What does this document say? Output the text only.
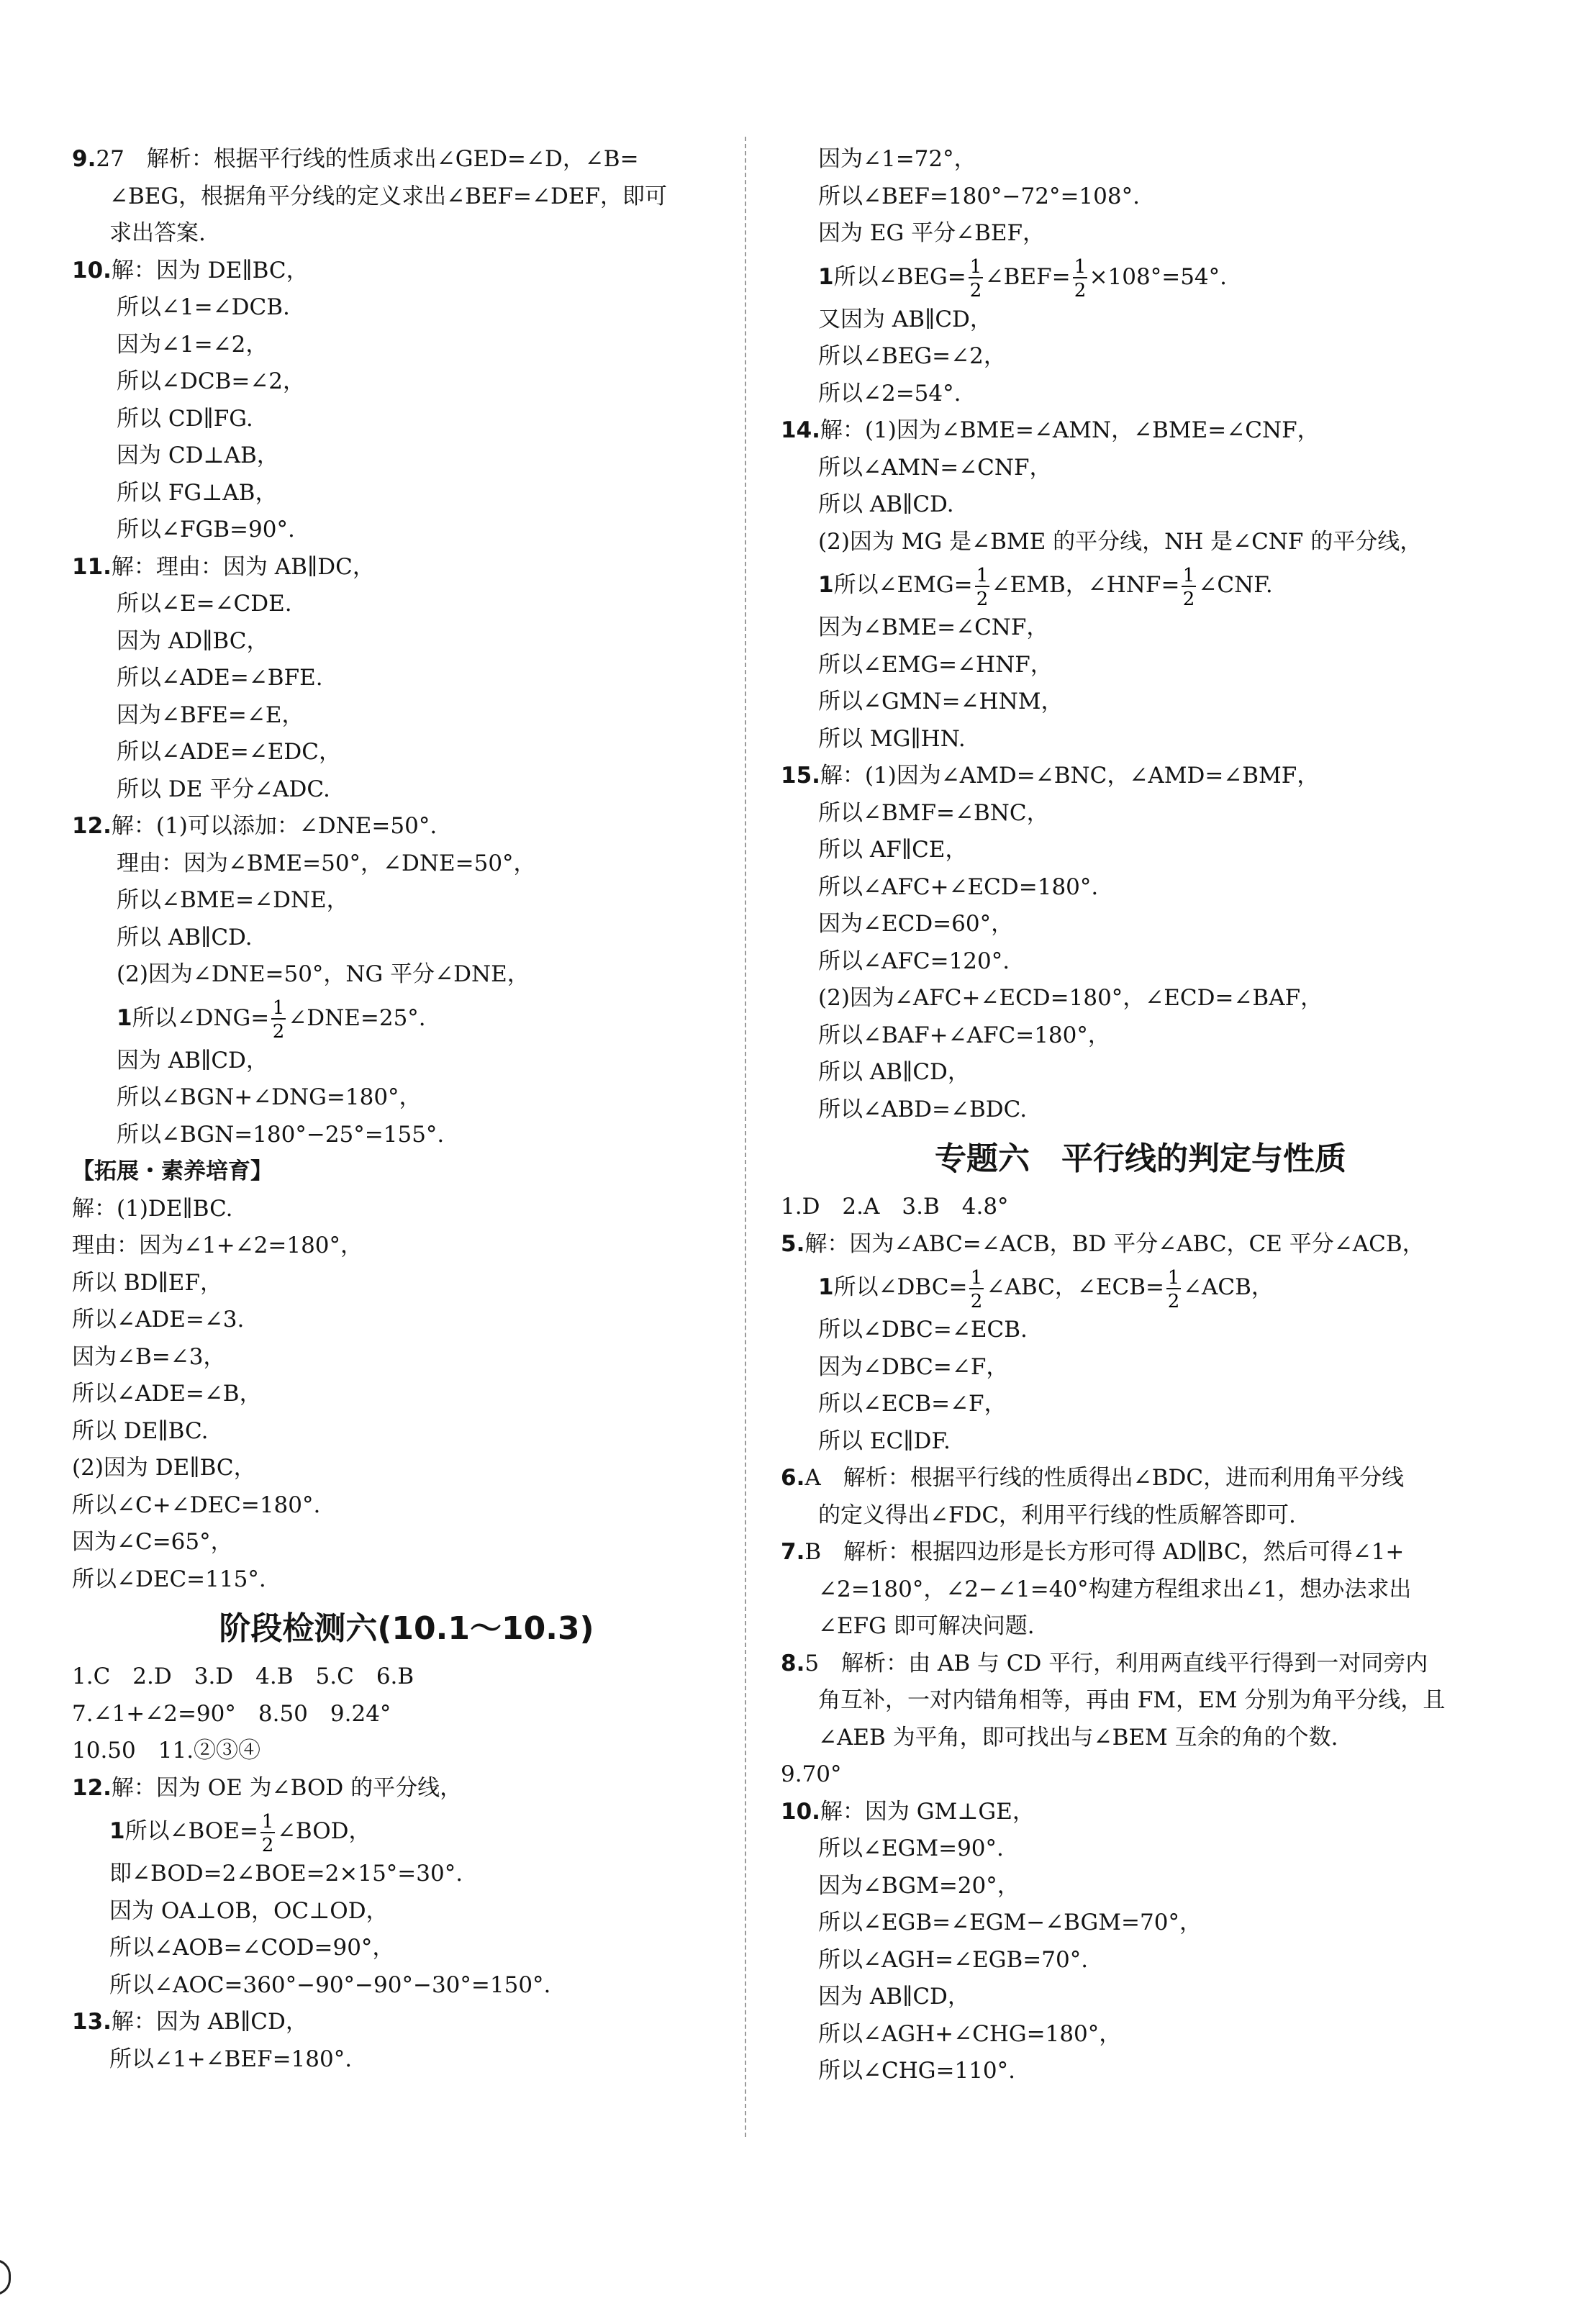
9.27　解析：根据平行线的性质求出∠GED=∠D，∠B=
∠BEG，根据角平分线的定义求出∠BEF=∠DEF，即可
求出答案.
10.解：因为 DE∥BC，
所以∠1=∠DCB.
因为∠1=∠2，
所以∠DCB=∠2，
所以 CD∥FG.
因为 CD⊥AB，
所以 FG⊥AB，
所以∠FGB=90°.
11.解：理由：因为 AB∥DC，
所以∠E=∠CDE.
因为 AD∥BC，
所以∠ADE=∠BFE.
因为∠BFE=∠E，
所以∠ADE=∠EDC，
所以 DE 平分∠ADC.
12.解：(1)可以添加：∠DNE=50°.
理由：因为∠BME=50°，∠DNE=50°，
所以∠BME=∠DNE，
所以 AB∥CD.
(2)因为∠DNE=50°，NG 平分∠DNE，
1所以∠DNG= 1
2
∠DNE=25°.
因为 AB∥CD，
所以∠BGN+∠DNG=180°，
所以∠BGN=180°−25°=155°.
【拓展・素养培育】
解：(1)DE∥BC.
理由：因为∠1+∠2=180°，
所以 BD∥EF，
所以∠ADE=∠3.
因为∠B=∠3，
所以∠ADE=∠B，
所以 DE∥BC.
(2)因为 DE∥BC，
所以∠C+∠DEC=180°.
因为∠C=65°，
所以∠DEC=115°.
阶段检测六(10.1～10.3)
1.C　2.D　3.D　4.B　5.C　6.B
7.∠1+∠2=90°　8.50　9.24°
10.50　11.②③④
12.解：因为 OE 为∠BOD 的平分线，
1所以∠BOE= 1
2
∠BOD，
即∠BOD=2∠BOE=2×15°=30°.
因为 OA⊥OB，OC⊥OD，
所以∠AOB=∠COD=90°，
所以∠AOC=360°−90°−90°−30°=150°.
13.解：因为 AB∥CD，
所以∠1+∠BEF=180°.
因为∠1=72°，
所以∠BEF=180°−72°=108°.
因为 EG 平分∠BEF，
1所以∠BEG= 1
2
∠BEF= 1
2
×108°=54°.
又因为 AB∥CD，
所以∠BEG=∠2，
所以∠2=54°.
14.解：(1)因为∠BME=∠AMN，∠BME=∠CNF，
所以∠AMN=∠CNF，
所以 AB∥CD.
(2)因为 MG 是∠BME 的平分线，NH 是∠CNF 的平分线，
1所以∠EMG= 1
2
∠EMB，∠HNF= 1
2
∠CNF.
因为∠BME=∠CNF，
所以∠EMG=∠HNF，
所以∠GMN=∠HNM，
所以 MG∥HN.
15.解：(1)因为∠AMD=∠BNC，∠AMD=∠BMF，
所以∠BMF=∠BNC，
所以 AF∥CE，
所以∠AFC+∠ECD=180°.
因为∠ECD=60°，
所以∠AFC=120°.
(2)因为∠AFC+∠ECD=180°，∠ECD=∠BAF，
所以∠BAF+∠AFC=180°，
所以 AB∥CD，
所以∠ABD=∠BDC.
专题六　平行线的判定与性质
1.D　2.A　3.B　4.8°
5.解：因为∠ABC=∠ACB，BD 平分∠ABC，CE 平分∠ACB，
1所以∠DBC= 1
2
∠ABC，∠ECB= 1
2
∠ACB，
所以∠DBC=∠ECB.
因为∠DBC=∠F，
所以∠ECB=∠F，
所以 EC∥DF.
6.A　解析：根据平行线的性质得出∠BDC，进而利用角平分线
的定义得出∠FDC，利用平行线的性质解答即可.
7.B　解析：根据四边形是长方形可得 AD∥BC，然后可得∠1+
∠2=180°，∠2−∠1=40°构建方程组求出∠1，想办法求出
∠EFG 即可解决问题.
8.5　解析：由 AB 与 CD 平行，利用两直线平行得到一对同旁内
角互补，一对内错角相等，再由 FM，EM 分别为角平分线，且
∠AEB 为平角，即可找出与∠BEM 互余的角的个数.
9.70°
10.解：因为 GM⊥GE，
所以∠EGM=90°.
因为∠BGM=20°，
所以∠EGB=∠EGM−∠BGM=70°，
所以∠AGH=∠EGB=70°.
因为 AB∥CD，
所以∠AGH+∠CHG=180°，
所以∠CHG=110°.
